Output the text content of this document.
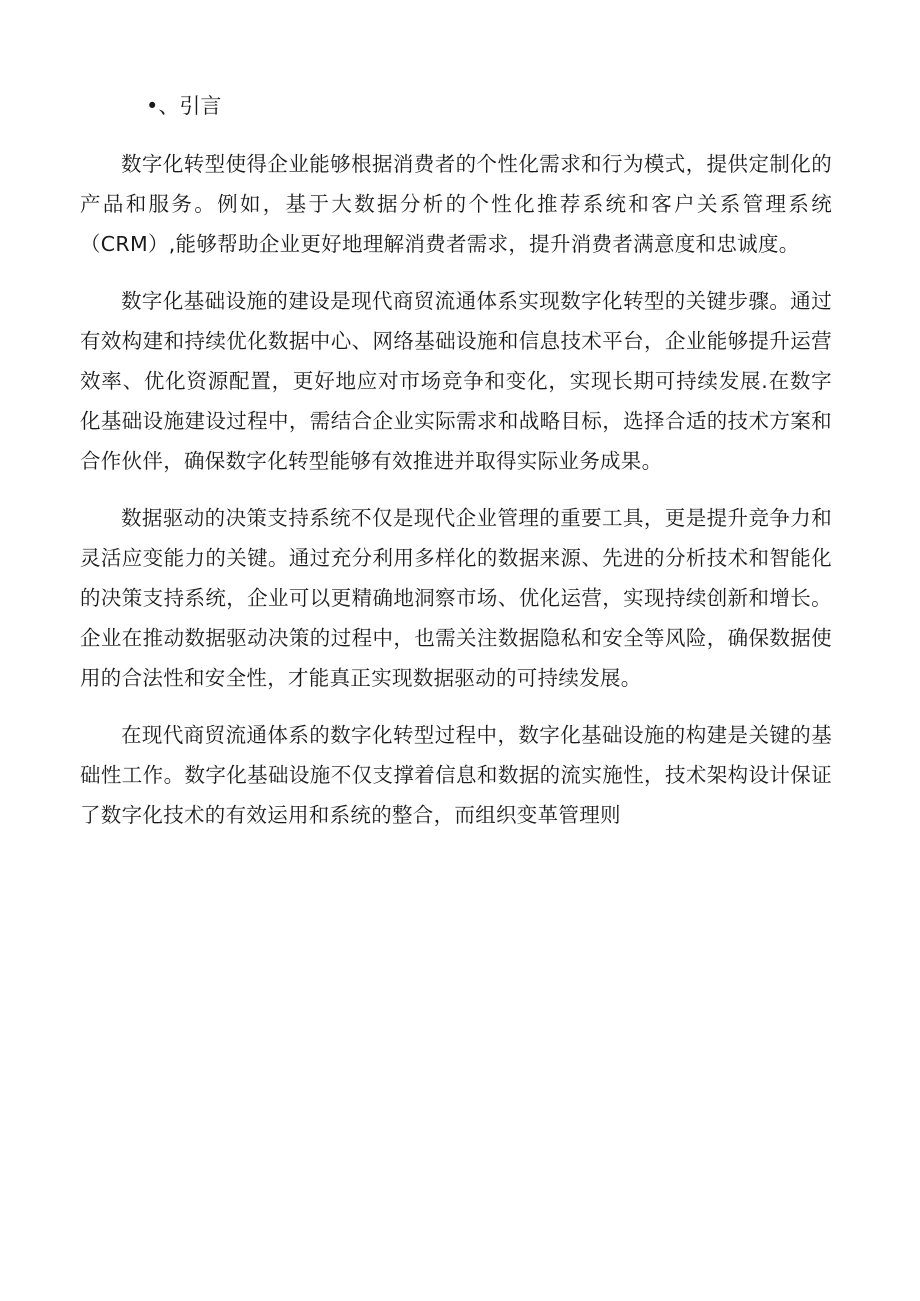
•、引言

数字化转型使得企业能够根据消费者的个性化需求和行为模式，提供定制化的产品和服务。例如，基于大数据分析的个性化推荐系统和客户关系管理系统（CRM）,能够帮助企业更好地理解消费者需求，提升消费者满意度和忠诚度。

数字化基础设施的建设是现代商贸流通体系实现数字化转型的关键步骤。通过有效构建和持续优化数据中心、网络基础设施和信息技术平台，企业能够提升运营效率、优化资源配置，更好地应对市场竞争和变化，实现长期可持续发展.在数字化基础设施建设过程中，需结合企业实际需求和战略目标，选择合适的技术方案和合作伙伴，确保数字化转型能够有效推进并取得实际业务成果。

数据驱动的决策支持系统不仅是现代企业管理的重要工具，更是提升竞争力和灵活应变能力的关键。通过充分利用多样化的数据来源、先进的分析技术和智能化的决策支持系统，企业可以更精确地洞察市场、优化运营，实现持续创新和增长。企业在推动数据驱动决策的过程中，也需关注数据隐私和安全等风险，确保数据使用的合法性和安全性，才能真正实现数据驱动的可持续发展。

在现代商贸流通体系的数字化转型过程中，数字化基础设施的构建是关键的基础性工作。数字化基础设施不仅支撑着信息和数据的流实施性，技术架构设计保证了数字化技术的有效运用和系统的整合，而组织变革管理则
